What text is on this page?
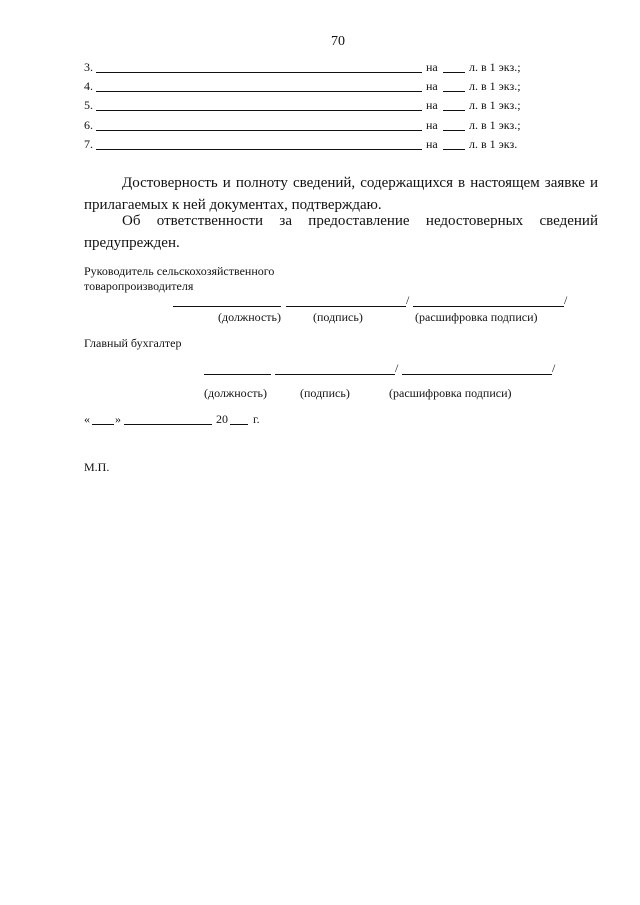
70
3.	на	л. в 1 экз.;
4.	на	л. в 1 экз.;
5.	на	л. в 1 экз.;
6.	на	л. в 1 экз.;
7.	на	л. в 1 экз.
Достоверность и полноту сведений, содержащихся в настоящем заявке и прилагаемых к ней документах, подтверждаю.
Об ответственности за предоставление недостоверных сведений предупрежден.
Руководитель сельскохозяйственного
товаропроизводителя
/	/
(должность)	(подпись)	(расшифровка подписи)
Главный бухгалтер
/	/
(должность)	(подпись)	(расшифровка подписи)
« »	20 г.
М.П.
